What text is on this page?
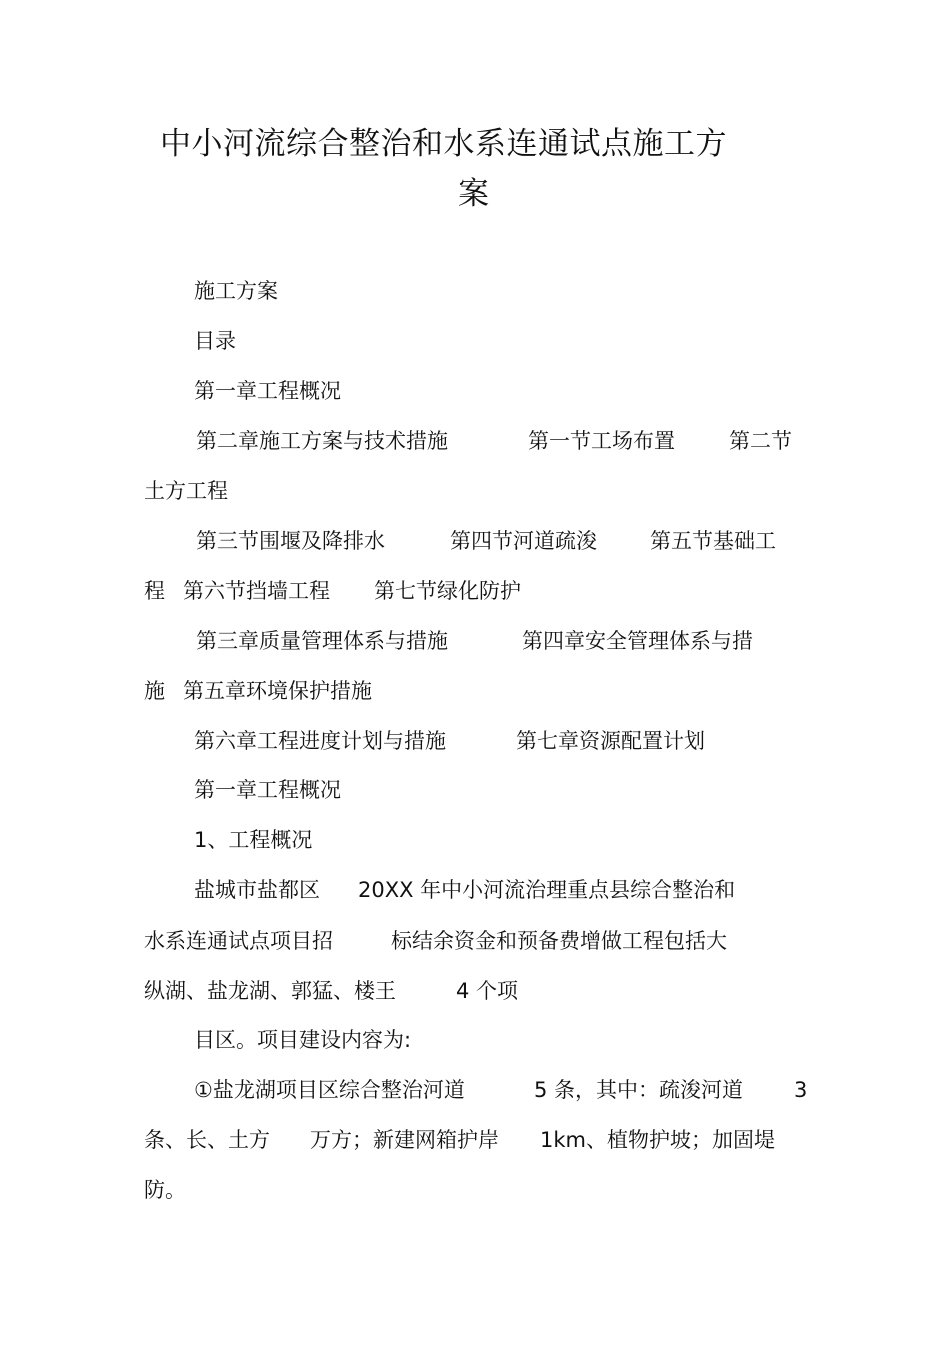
中小河流综合整治和水系连通试点施工方
案
施工方案
目录
第一章工程概况
第二章施工方案与技术措施	第一节工场布置	第二节
土方工程
第三节围堰及降排水	第四节河道疏浚	第五节基础工
程 第六节挡墙工程 第七节绿化防护
第三章质量管理体系与措施	第四章安全管理体系与措
施 第五章环境保护措施
第六章工程进度计划与措施	第七章资源配置计划
第一章工程概况
1、工程概况
盐城市盐都区 20XX 年中小河流治理重点县综合整治和
水系连通试点项目招	标结余资金和预备费增做工程包括大
纵湖、盐龙湖、郭猛、楼王	4 个项
目区。项目建设内容为:
①盐龙湖项目区综合整治河道	5 条，其中：疏浚河道 3
条、长、土方 万方；新建网箱护岸 1km、植物护坡；加固堤
防。
